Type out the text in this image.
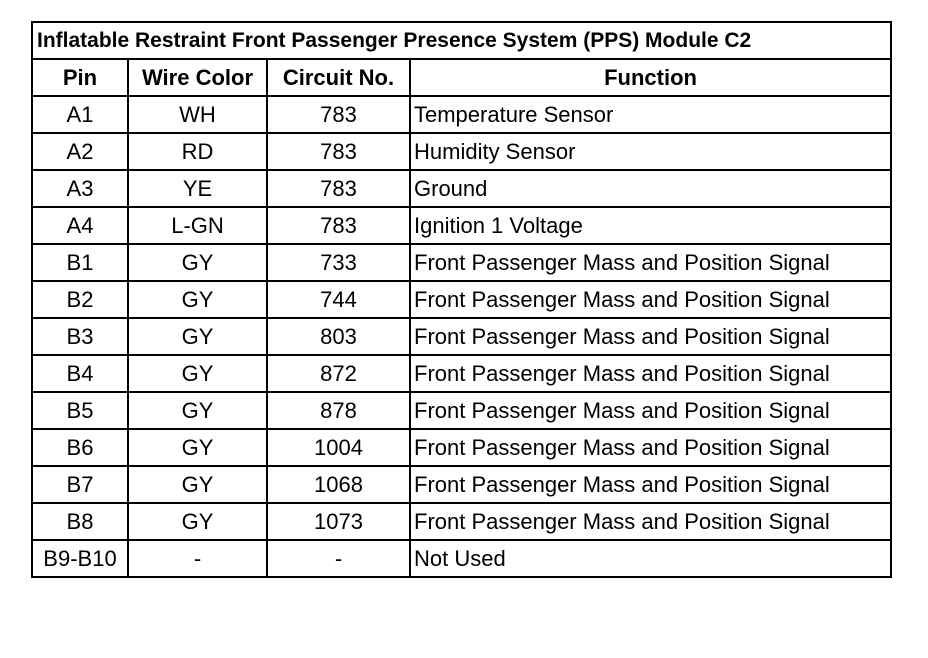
Inflatable Restraint Front Passenger Presence System (PPS) Module C2			
Pin	Wire Color	Circuit No.	Function
A1	WH	783	Temperature Sensor
A2	RD	783	Humidity Sensor
A3	YE	783	Ground
A4	L-GN	783	Ignition 1 Voltage
B1	GY	733	Front Passenger Mass and Position Signal
B2	GY	744	Front Passenger Mass and Position Signal
B3	GY	803	Front Passenger Mass and Position Signal
B4	GY	872	Front Passenger Mass and Position Signal
B5	GY	878	Front Passenger Mass and Position Signal
B6	GY	1004	Front Passenger Mass and Position Signal
B7	GY	1068	Front Passenger Mass and Position Signal
B8	GY	1073	Front Passenger Mass and Position Signal
B9-B10	-	-	Not Used
